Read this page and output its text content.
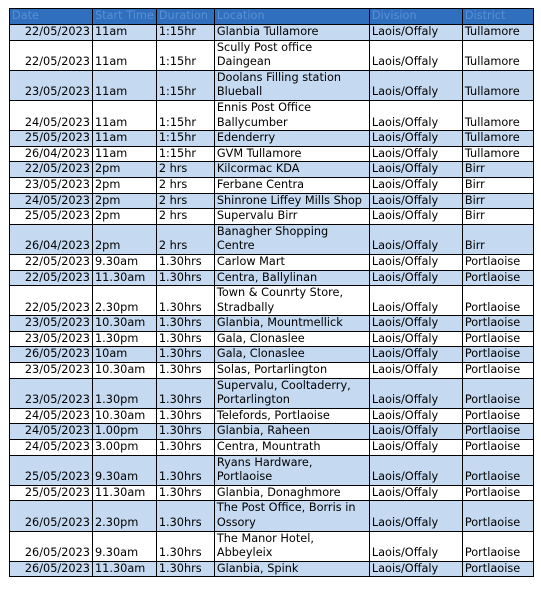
Date	Start Time	Duration	Location	Division	District
22/05/2023	11am	1:15hr	Glanbia Tullamore	Laois/Offaly	Tullamore
22/05/2023	11am	1:15hr	Scully Post office Daingean	Laois/Offaly	Tullamore
23/05/2023	11am	1:15hr	Doolans Filling station Blueball	Laois/Offaly	Tullamore
24/05/2023	11am	1:15hr	Ennis Post Office Ballycumber	Laois/Offaly	Tullamore
25/05/2023	11am	1:15hr	Edenderry	Laois/Offaly	Tullamore
26/04/2023	11am	1:15hr	GVM Tullamore	Laois/Offaly	Tullamore
22/05/2023	2pm	2 hrs	Kilcormac KDA	Laois/Offaly	Birr
23/05/2023	2pm	2 hrs	Ferbane Centra	Laois/Offaly	Birr
24/05/2023	2pm	2 hrs	Shinrone Liffey Mills Shop	Laois/Offaly	Birr
25/05/2023	2pm	2 hrs	Supervalu Birr	Laois/Offaly	Birr
26/04/2023	2pm	2 hrs	Banagher Shopping Centre	Laois/Offaly	Birr
22/05/2023	9.30am	1.30hrs	Carlow Mart	Laois/Offaly	Portlaoise
22/05/2023	11.30am	1.30hrs	Centra, Ballylinan	Laois/Offaly	Portlaoise
22/05/2023	2.30pm	1.30hrs	Town & Counrty Store, Stradbally	Laois/Offaly	Portlaoise
23/05/2023	10.30am	1.30hrs	Glanbia, Mountmellick	Laois/Offaly	Portlaoise
23/05/2023	1.30pm	1.30hrs	Gala, Clonaslee	Laois/Offaly	Portlaoise
26/05/2023	10am	1.30hrs	Gala, Clonaslee	Laois/Offaly	Portlaoise
23/05/2023	10.30am	1.30hrs	Solas, Portarlington	Laois/Offaly	Portlaoise
23/05/2023	1.30pm	1.30hrs	Supervalu, Cooltaderry, Portarlington	Laois/Offaly	Portlaoise
24/05/2023	10.30am	1.30hrs	Telefords, Portlaoise	Laois/Offaly	Portlaoise
24/05/2023	1.00pm	1.30hrs	Glanbia, Raheen	Laois/Offaly	Portlaoise
24/05/2023	3.00pm	1.30hrs	Centra, Mountrath	Laois/Offaly	Portlaoise
25/05/2023	9.30am	1.30hrs	Ryans Hardware, Portlaoise	Laois/Offaly	Portlaoise
25/05/2023	11.30am	1.30hrs	Glanbia, Donaghmore	Laois/Offaly	Portlaoise
26/05/2023	2.30pm	1.30hrs	The Post Office, Borris in Ossory	Laois/Offaly	Portlaoise
26/05/2023	9.30am	1.30hrs	The Manor Hotel, Abbeyleix	Laois/Offaly	Portlaoise
26/05/2023	11.30am	1.30hrs	Glanbia, Spink	Laois/Offaly	Portlaoise
